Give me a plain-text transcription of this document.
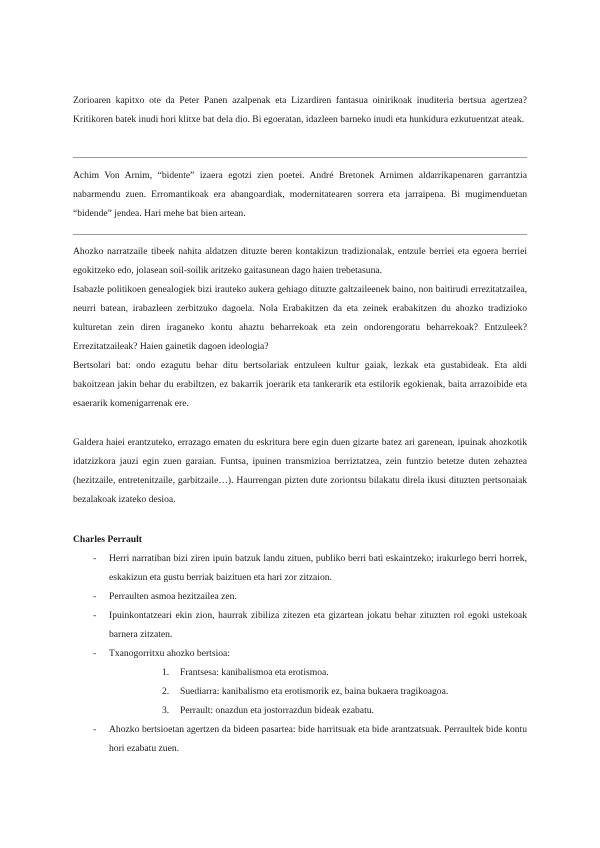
Zorioaren kapitxo ote da Peter Panen azalpenak eta Lizardiren fantasua oinirikoak inuditeria bertsua agertzea? Kritikoren batek inudi hori klitxe bat dela dio. Bi egoeratan, idazleen barneko inudi eta hunkidura ezkutuentzat ateak.

Achim Von Arnim, “bidente” izaera egotzi zien poetei. André Bretonek Arnimen aldarrikapenaren garrantzia nabarmendu zuen. Erromantikoak era abangoardiak, modernitatearen sorrera eta jarraipena. Bi mugimenduetan “bidende” jendea. Hari mehe bat bien artean.

Ahozko narratzaile tibeek nahita aldatzen dituzte beren kontakizun tradizionalak, entzule berriei eta egoera berriei egokitzeko edo, jolasean soil-soilik aritzeko gaitasunean dago haien trebetasuna.

Isabazle politikoen genealogiek bizi irauteko aukera gehiago dituzte galtzaileenek baino, non baitirudi errezitatzailea, neurri batean, irabazleen zerbitzuko dagoela. Nola Erabakitzen da eta zeinek erabakitzen du ahozko tradizioko kulturetan zein diren iraganeko kontu ahaztu beharrekoak eta zein ondorengoratu beharrekoak? Entzuleek? Errezitatzaileak? Haien gainetik dagoen ideologia?

Bertsolari bat: ondo ezagutu behar ditu bertsolariak entzuleen kultur gaiak, lezkak eta gustabideak. Eta aldi bakoitzean jakin behar du erabiltzen, ez bakarrik joerarik eta tankerarik eta estilorik egokienak, baita arrazoibide eta esaerarik komenigarrenak ere.

Galdera haiei erantzuteko, errazago ematen du eskritura bere egin duen gizarte batez ari garenean, ipuinak ahozkotik idatzizkora jauzi egin zuen garaian. Funtsa, ipuinen transmizioa berriztatzea, zein funtzio betetze duten zehaztea (hezitzaile, entretenitzaile, garbitzaile…). Haurrengan pizten dute zoriontsu bilakatu direla ikusi dituzten pertsonaiak bezalakoak izateko desioa.

Charles Perrault

- Herri narratiban bizi ziren ipuin batzuk landu zituen, publiko berri bati eskaintzeko; irakurlego berri horrek, eskakizun eta gustu berriak baizituen eta hari zor zitzaion.
- Perraulten asmoa hezitzailea zen.
- Ipuinkontatzeari ekin zion, haurrak zibiliza zitezen eta gizartean jokatu behar zituzten rol egoki ustekoak barnera zitzaten.
- Txanogorritxu ahozko bertsioa:
1. Frantsesa: kanibalismoa eta erotismoa.
2. Suediarra: kanibalismo eta erotismorik ez, baina bukaera tragikoagoa.
3. Perrault: onazdun eta jostorrazdun bideak ezabatu.
- Ahozko bertsioetan agertzen da bideen pasartea: bide harritsuak eta bide arantzatsuak. Perraultek bide kontu hori ezabatu zuen.
